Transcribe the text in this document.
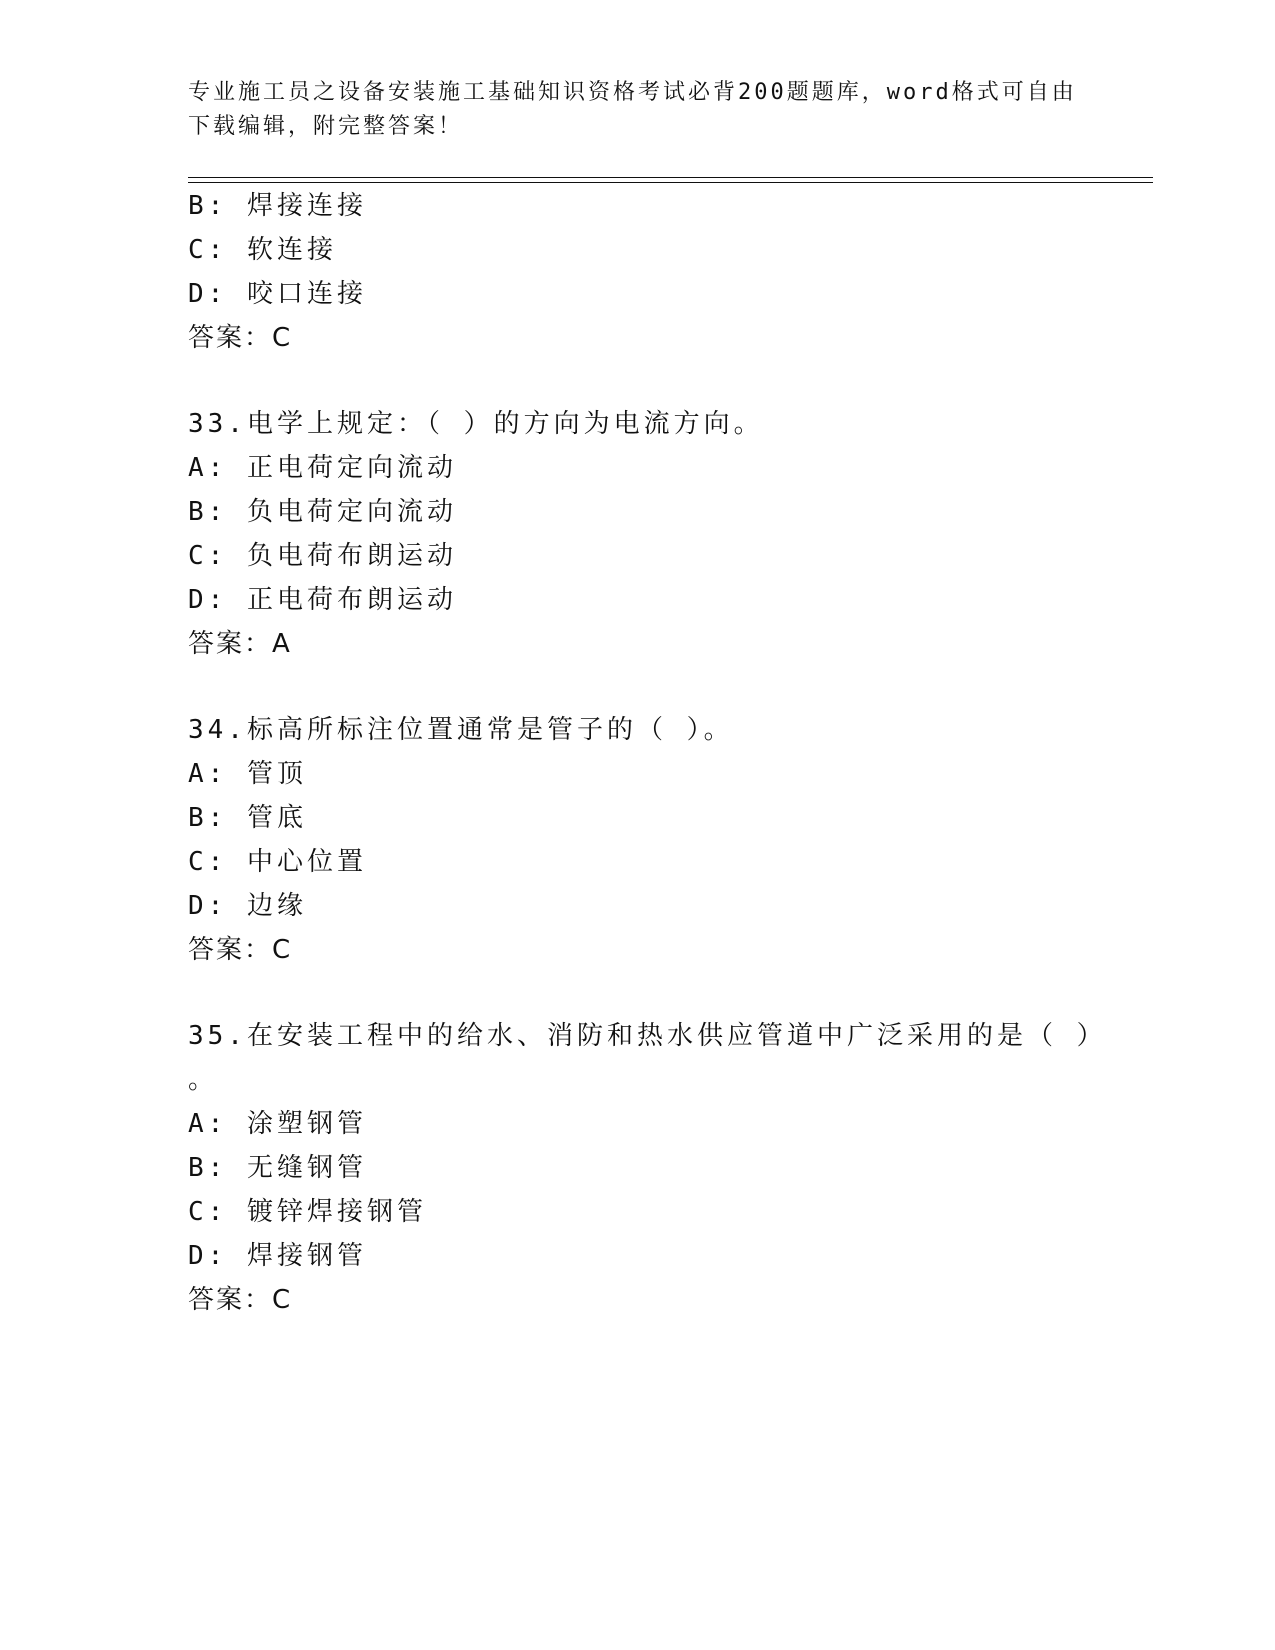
专业施工员之设备安装施工基础知识资格考试必背200题题库，word格式可自由
下载编辑，附完整答案！
B: 焊接连接
C: 软连接
D: 咬口连接
答案：C
33.电学上规定：（ ）的方向为电流方向。
A: 正电荷定向流动
B: 负电荷定向流动
C: 负电荷布朗运动
D: 正电荷布朗运动
答案：A
34.标高所标注位置通常是管子的（ ）。
A: 管顶
B: 管底
C: 中心位置
D: 边缘
答案：C
35.在安装工程中的给水、消防和热水供应管道中广泛采用的是（ ）
。
A: 涂塑钢管
B: 无缝钢管
C: 镀锌焊接钢管
D: 焊接钢管
答案：C
